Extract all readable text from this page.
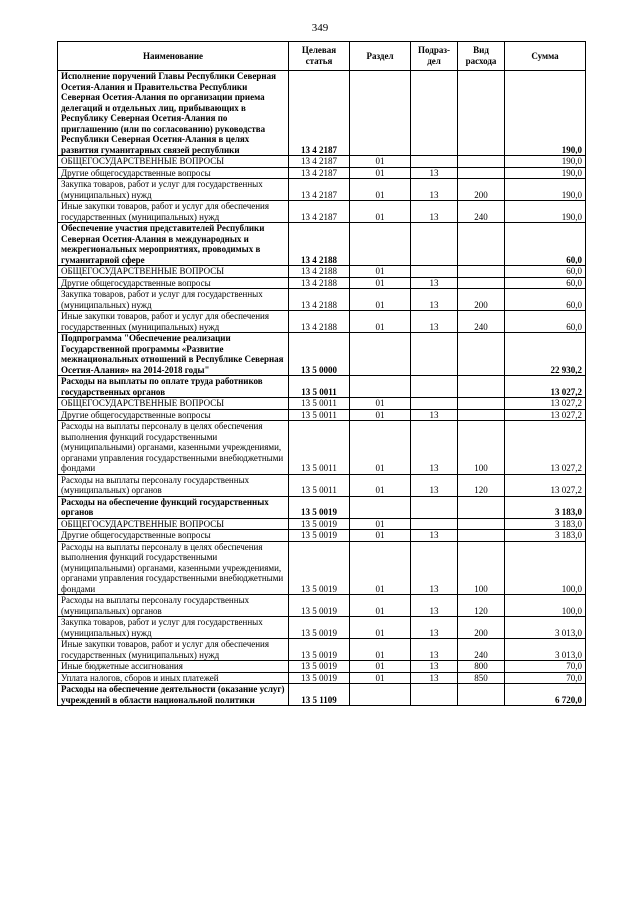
349
Наименование	Целевая статья	Раздел	Подраз-дел	Вид расхода	Сумма
Исполнение поручений Главы Республики Северная Осетия-Алания и Правительства Республики Северная Осетия-Алания по организации приема делегаций и отдельных лиц, прибывающих в Республику Северная Осетия-Алания по приглашению (или по согласованию) руководства Республики Северная Осетия-Алания в целях развития гуманитарных связей республики	13 4 2187				190,0
ОБЩЕГОСУДАРСТВЕННЫЕ ВОПРОСЫ	13 4 2187	01			190,0
Другие общегосударственные вопросы	13 4 2187	01	13		190,0
Закупка товаров, работ и услуг для государственных (муниципальных) нужд	13 4 2187	01	13	200	190,0
Иные закупки товаров, работ и услуг для обеспечения государственных (муниципальных) нужд	13 4 2187	01	13	240	190,0
Обеспечение участия представителей Республики Северная Осетия-Алания в международных и межрегиональных мероприятиях, проводимых в гуманитарной сфере	13 4 2188				60,0
ОБЩЕГОСУДАРСТВЕННЫЕ ВОПРОСЫ	13 4 2188	01			60,0
Другие общегосударственные вопросы	13 4 2188	01	13		60,0
Закупка товаров, работ и услуг для государственных (муниципальных) нужд	13 4 2188	01	13	200	60,0
Иные закупки товаров, работ и услуг для обеспечения государственных (муниципальных) нужд	13 4 2188	01	13	240	60,0
Подпрограмма "Обеспечение реализации Государственной программы «Развитие межнациональных отношений в Республике Северная Осетия-Алания» на 2014-2018 годы"	13 5 0000				22 930,2
Расходы на выплаты по оплате труда работников государственных органов	13 5 0011				13 027,2
ОБЩЕГОСУДАРСТВЕННЫЕ ВОПРОСЫ	13 5 0011	01			13 027,2
Другие общегосударственные вопросы	13 5 0011	01	13		13 027,2
Расходы на выплаты персоналу в целях обеспечения выполнения функций государственными (муниципальными) органами, казенными учреждениями, органами управления государственными внебюджетными фондами	13 5 0011	01	13	100	13 027,2
Расходы на выплаты персоналу государственных (муниципальных) органов	13 5 0011	01	13	120	13 027,2
Расходы на обеспечение функций государственных органов	13 5 0019				3 183,0
ОБЩЕГОСУДАРСТВЕННЫЕ ВОПРОСЫ	13 5 0019	01			3 183,0
Другие общегосударственные вопросы	13 5 0019	01	13		3 183,0
Расходы на выплаты персоналу в целях обеспечения выполнения функций государственными (муниципальными) органами, казенными учреждениями, органами управления государственными внебюджетными фондами	13 5 0019	01	13	100	100,0
Расходы на выплаты персоналу государственных (муниципальных) органов	13 5 0019	01	13	120	100,0
Закупка товаров, работ и услуг для государственных (муниципальных) нужд	13 5 0019	01	13	200	3 013,0
Иные закупки товаров, работ и услуг для обеспечения государственных (муниципальных) нужд	13 5 0019	01	13	240	3 013,0
Иные бюджетные ассигнования	13 5 0019	01	13	800	70,0
Уплата налогов, сборов и иных платежей	13 5 0019	01	13	850	70,0
Расходы на обеспечение деятельности (оказание услуг) учреждений в области национальной политики	13 5 1109				6 720,0
